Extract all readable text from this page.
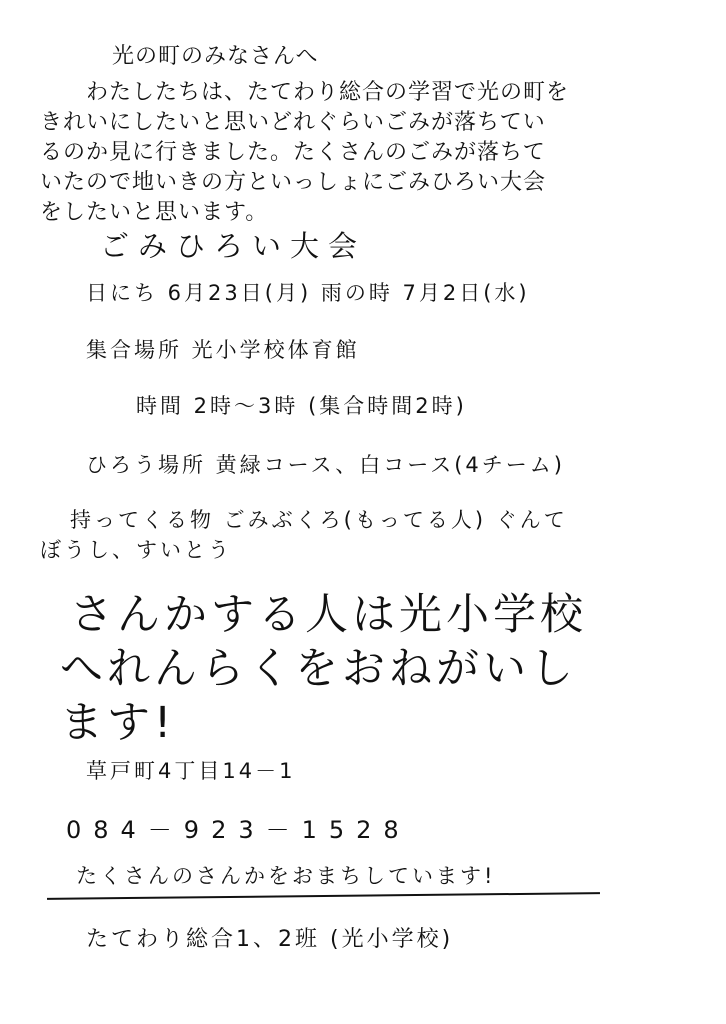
光の町のみなさんへ
わたしたちは、たてわり総合の学習で光の町を
きれいにしたいと思いどれぐらいごみが落ちてい
るのか見に行きました。たくさんのごみが落ちて
いたので地いきの方といっしょにごみひろい大会
をしたいと思います。
ごみひろい大会
日にち 6月23日(月) 雨の時 7月2日(水)
集合場所 光小学校体育館
時間 2時〜3時 (集合時間2時)
ひろう場所 黄緑コース、白コース(4チーム)
持ってくる物 ごみぶくろ(もってる人) ぐんて
ぼうし、すいとう
さんかする人は光小学校
へれんらくをおねがいし
ます!
草戸町4丁目14－1
084－923－1528
たくさんのさんかをおまちしています!
たてわり総合1、2班 (光小学校)
